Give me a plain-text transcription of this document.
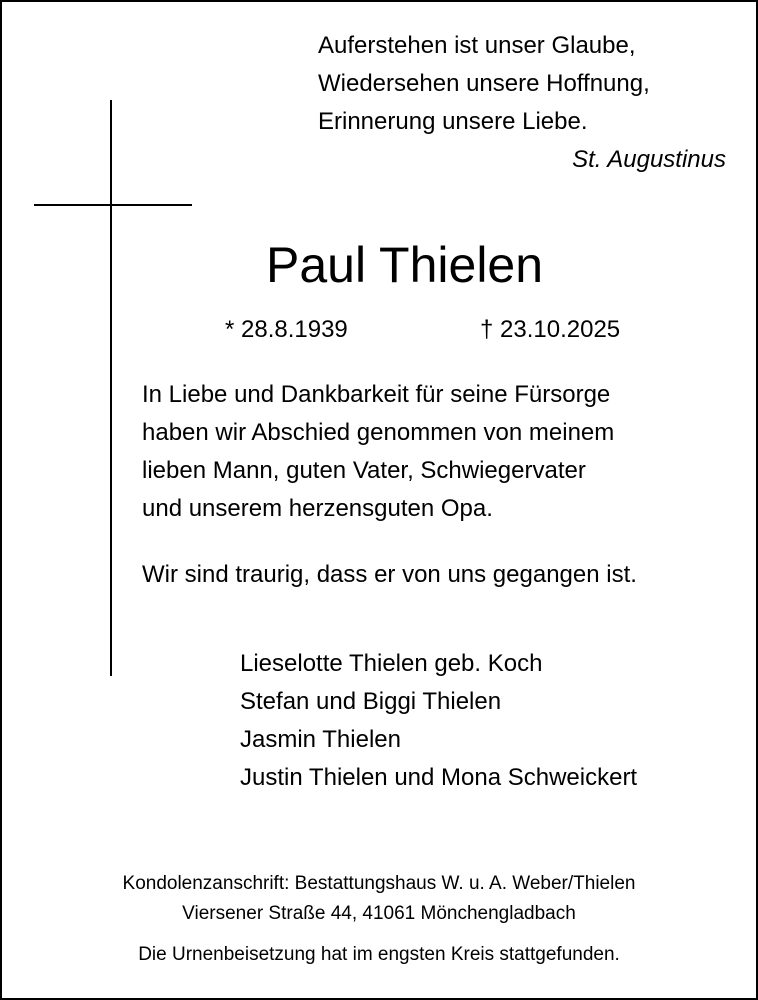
Auferstehen ist unser Glaube,
Wiedersehen unsere Hoffnung,
Erinnerung unsere Liebe.
St. Augustinus
Paul Thielen
* 28.8.1939	† 23.10.2025
In Liebe und Dankbarkeit für seine Fürsorge
haben wir Abschied genommen von meinem
lieben Mann, guten Vater, Schwiegervater
und unserem herzensguten Opa.
Wir sind traurig, dass er von uns gegangen ist.
Lieselotte Thielen geb. Koch
Stefan und Biggi Thielen
Jasmin Thielen
Justin Thielen und Mona Schweickert
Kondolenzanschrift: Bestattungshaus W. u. A. Weber/Thielen
Viersener Straße 44, 41061 Mönchengladbach
Die Urnenbeisetzung hat im engsten Kreis stattgefunden.
